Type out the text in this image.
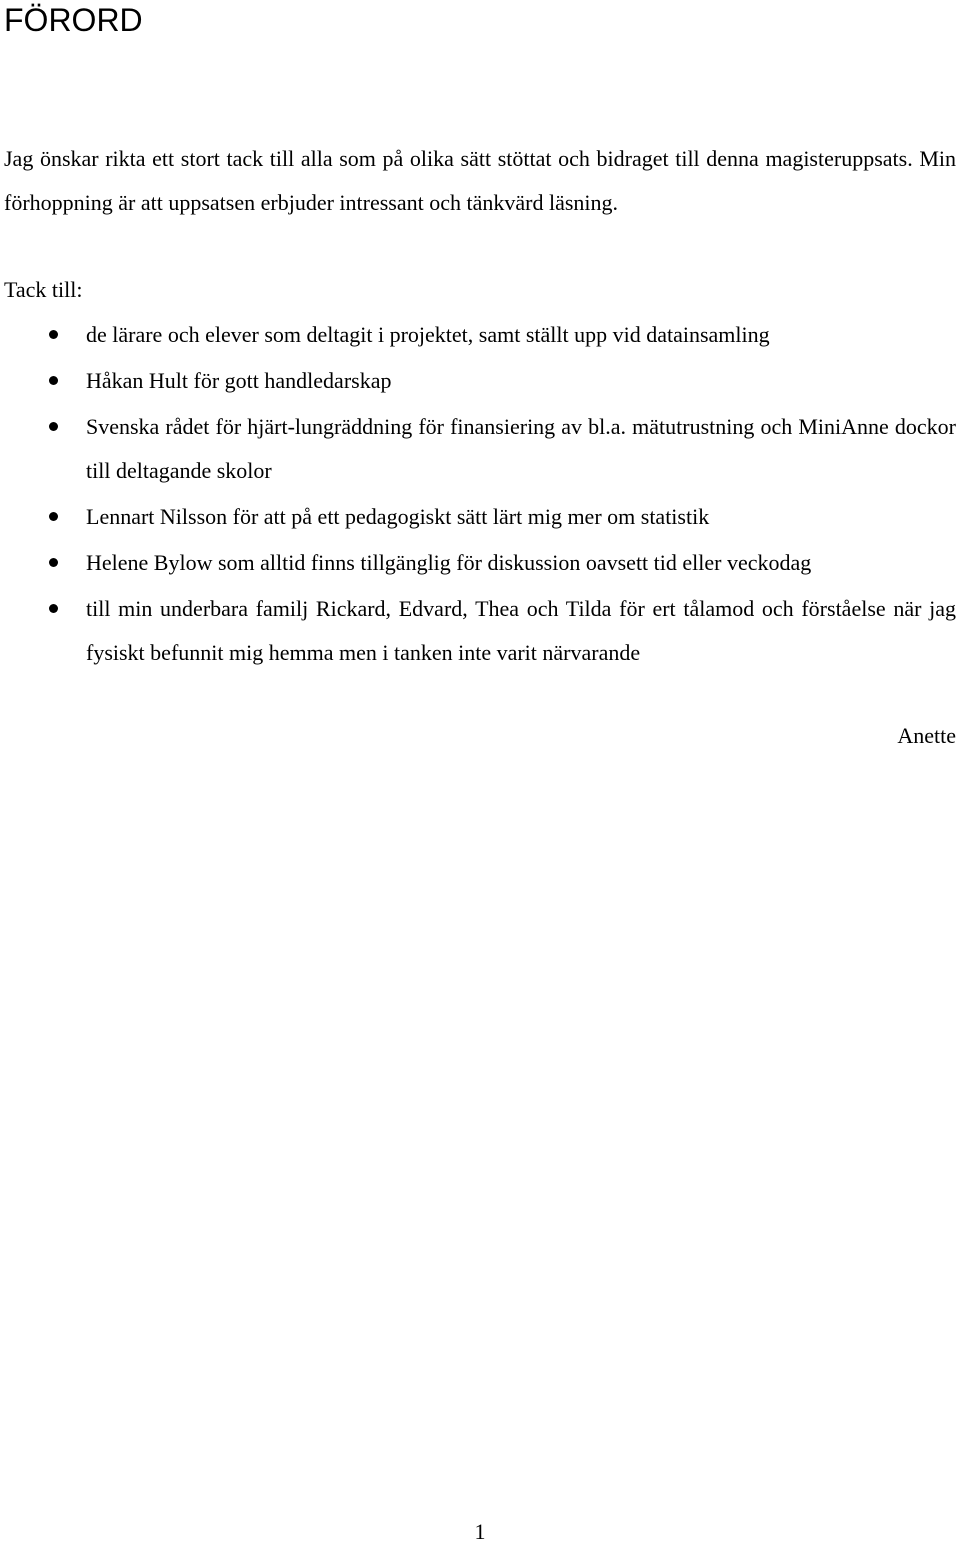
FÖRORD

Jag önskar rikta ett stort tack till alla som på olika sätt stöttat och bidraget till denna magisteruppsats. Min förhoppning är att uppsatsen erbjuder intressant och tänkvärd läsning.

Tack till:

de lärare och elever som deltagit i projektet, samt ställt upp vid datainsamling
Håkan Hult för gott handledarskap
Svenska rådet för hjärt-lungräddning för finansiering av bl.a. mätutrustning och MiniAnne dockor till deltagande skolor
Lennart Nilsson för att på ett pedagogiskt sätt lärt mig mer om statistik
Helene Bylow som alltid finns tillgänglig för diskussion oavsett tid eller veckodag
till min underbara familj Rickard, Edvard, Thea och Tilda för ert tålamod och förståelse när jag fysiskt befunnit mig hemma men i tanken inte varit närvarande

Anette

1
